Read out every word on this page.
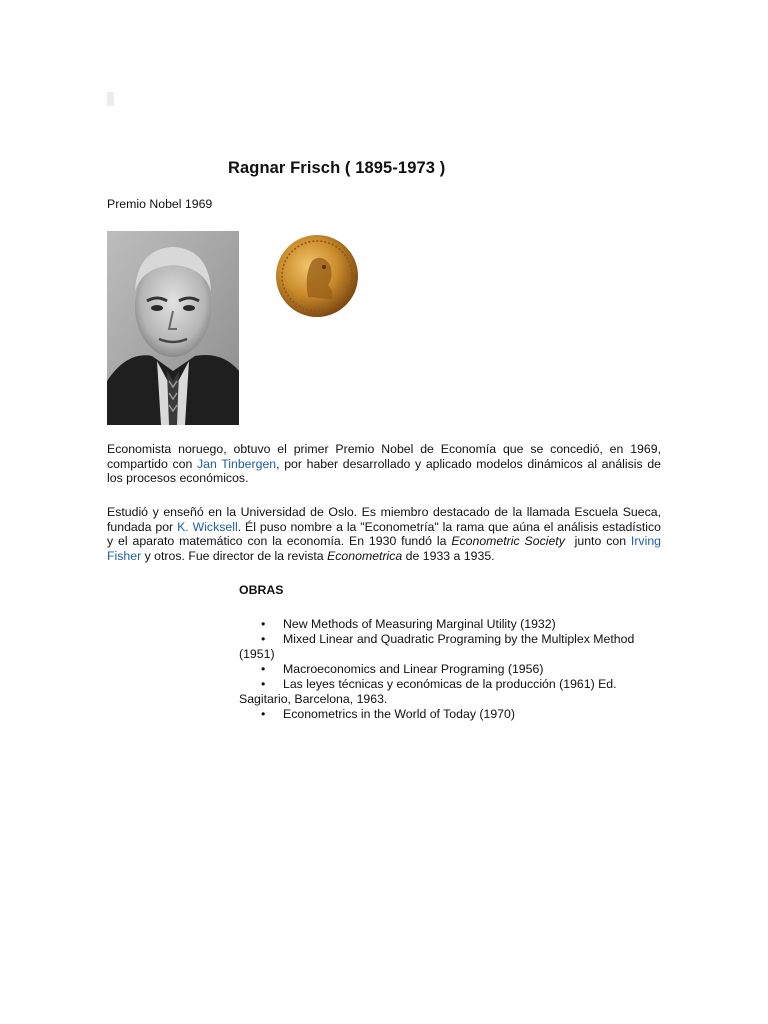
Ragnar Frisch ( 1895-1973 )
Premio Nobel 1969

Economista noruego, obtuvo el primer Premio Nobel de Economía que se concedió, en 1969, compartido con Jan Tinbergen, por haber desarrollado y aplicado modelos dinámicos al análisis de los procesos económicos.

Estudió y enseñó en la Universidad de Oslo. Es miembro destacado de la llamada Escuela Sueca, fundada por K. Wicksell. Él puso nombre a la "Econometría" la rama que aúna el análisis estadístico y el aparato matemático con la economía. En 1930 fundó la Econometric Society  junto con Irving Fisher y otros. Fue director de la revista Econometrica de 1933 a 1935.

OBRAS

• New Methods of Measuring Marginal Utility (1932)

• Mixed Linear and Quadratic Programing by the Multiplex Method (1951)

• Macroeconomics and Linear Programing (1956)

• Las leyes técnicas y económicas de la producción (1961) Ed. Sagitario, Barcelona, 1963.

• Econometrics in the World of Today (1970)
